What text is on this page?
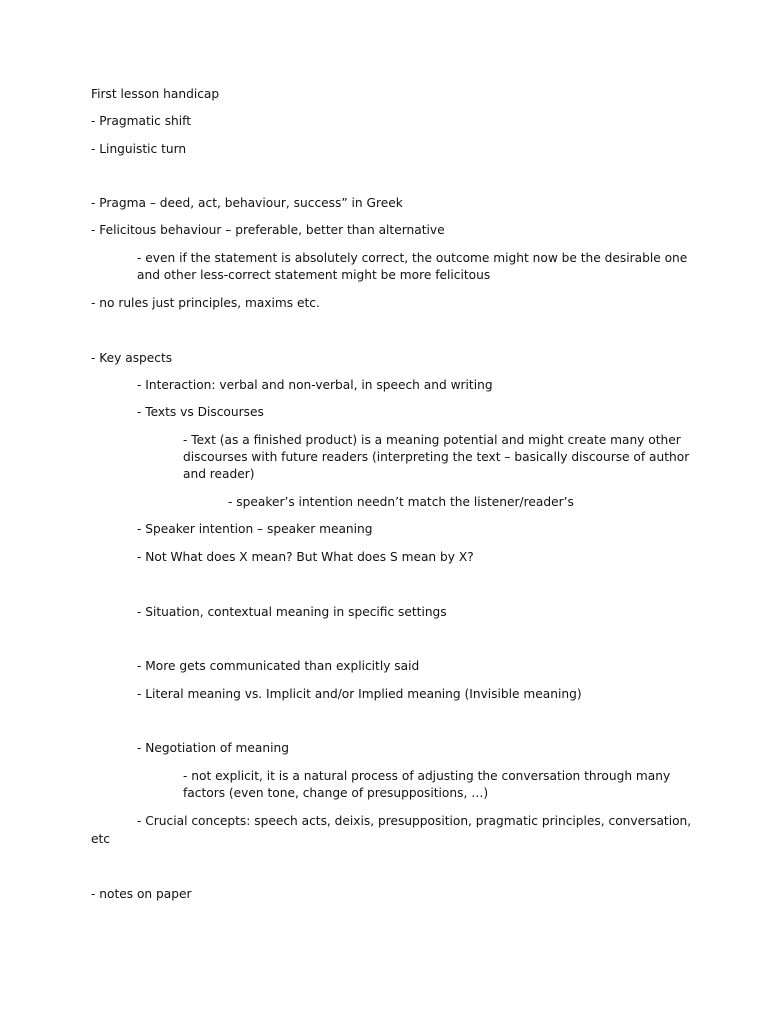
First lesson handicap
- Pragmatic shift
- Linguistic turn
- Pragma – deed, act, behaviour, success” in Greek
- Felicitous behaviour – preferable, better than alternative
- even if the statement is absolutely correct, the outcome might now be the desirable one
and other less-correct statement might be more felicitous
- no rules just principles, maxims etc.
- Key aspects
- Interaction: verbal and non-verbal, in speech and writing
- Texts vs Discourses
- Text (as a finished product) is a meaning potential and might create many other
discourses with future readers (interpreting the text – basically discourse of author
and reader)
- speaker’s intention needn’t match the listener/reader’s
- Speaker intention – speaker meaning
- Not What does X mean? But What does S mean by X?
- Situation, contextual meaning in specific settings
- More gets communicated than explicitly said
- Literal meaning vs. Implicit and/or Implied meaning (Invisible meaning)
- Negotiation of meaning
- not explicit, it is a natural process of adjusting the conversation through many
factors (even tone, change of presuppositions, …)
- Crucial concepts: speech acts, deixis, presupposition, pragmatic principles, conversation,
etc
- notes on paper
